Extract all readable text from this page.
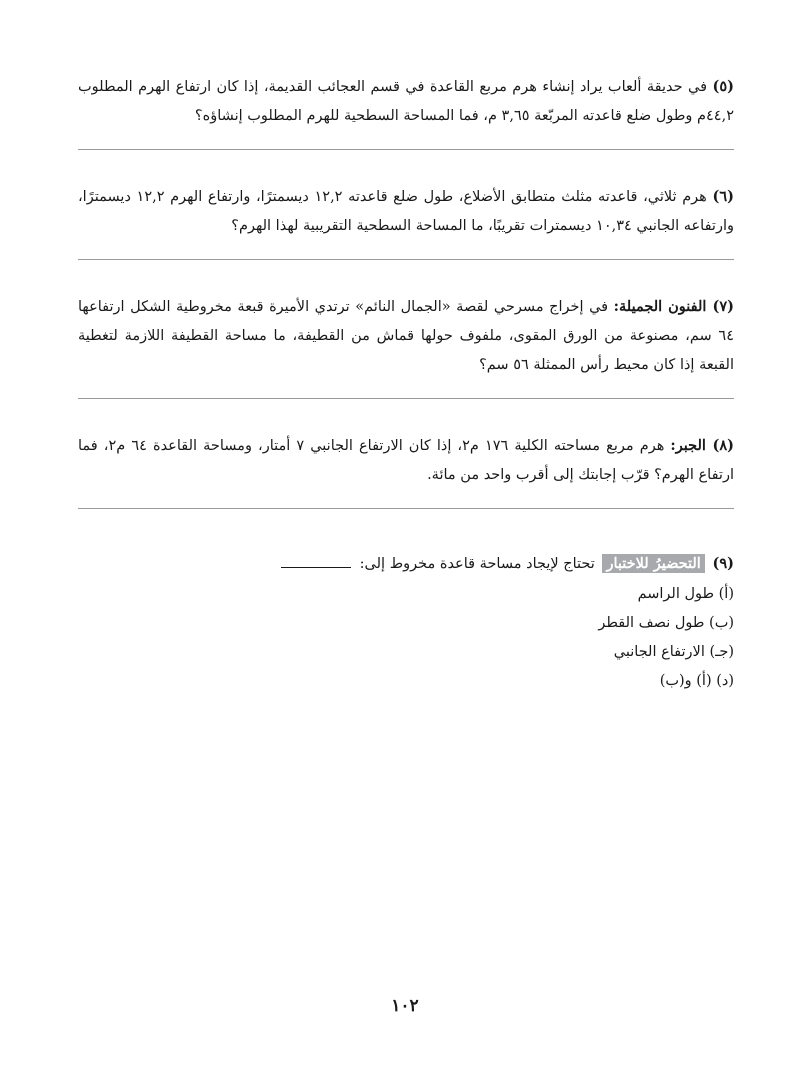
(٥) في حديقة ألعاب يراد إنشاء هرم مربع القاعدة في قسم العجائب القديمة، إذا كان ارتفاع الهرم المطلوب ٤٤,٢م وطول ضلع قاعدته المربّعة ٣,٦٥ م، فما المساحة السطحية للهرم المطلوب إنشاؤه؟
(٦) هرم ثلاثي، قاعدته مثلث متطابق الأضلاع، طول ضلع قاعدته ١٢,٢ ديسمترًا، وارتفاع الهرم ١٢,٢ ديسمترًا، وارتفاعه الجانبي ١٠,٣٤ ديسمترات تقريبًا، ما المساحة السطحية التقريبية لهذا الهرم؟
(٧) الفنون الجميلة: في إخراج مسرحي لقصة «الجمال النائم» ترتدي الأميرة قبعة مخروطية الشكل ارتفاعها ٦٤ سم، مصنوعة من الورق المقوى، ملفوف حولها قماش من القطيفة، ما مساحة القطيفة اللازمة لتغطية القبعة إذا كان محيط رأس الممثلة ٥٦ سم؟
(٨) الجبر: هرم مربع مساحته الكلية ١٧٦ م٢، إذا كان الارتفاع الجانبي ٧ أمتار، ومساحة القاعدة ٦٤ م٢، فما ارتفاع الهرم؟ قرّب إجابتك إلى أقرب واحد من مائة.
(٩) التحضيرُ للاختبار تحتاج لإيجاد مساحة قاعدة مخروط إلى:
(أ) طول الراسم
(ب) طول نصف القطر
(جـ) الارتفاع الجانبي
(د) (أ) و(ب)
١٠٢
